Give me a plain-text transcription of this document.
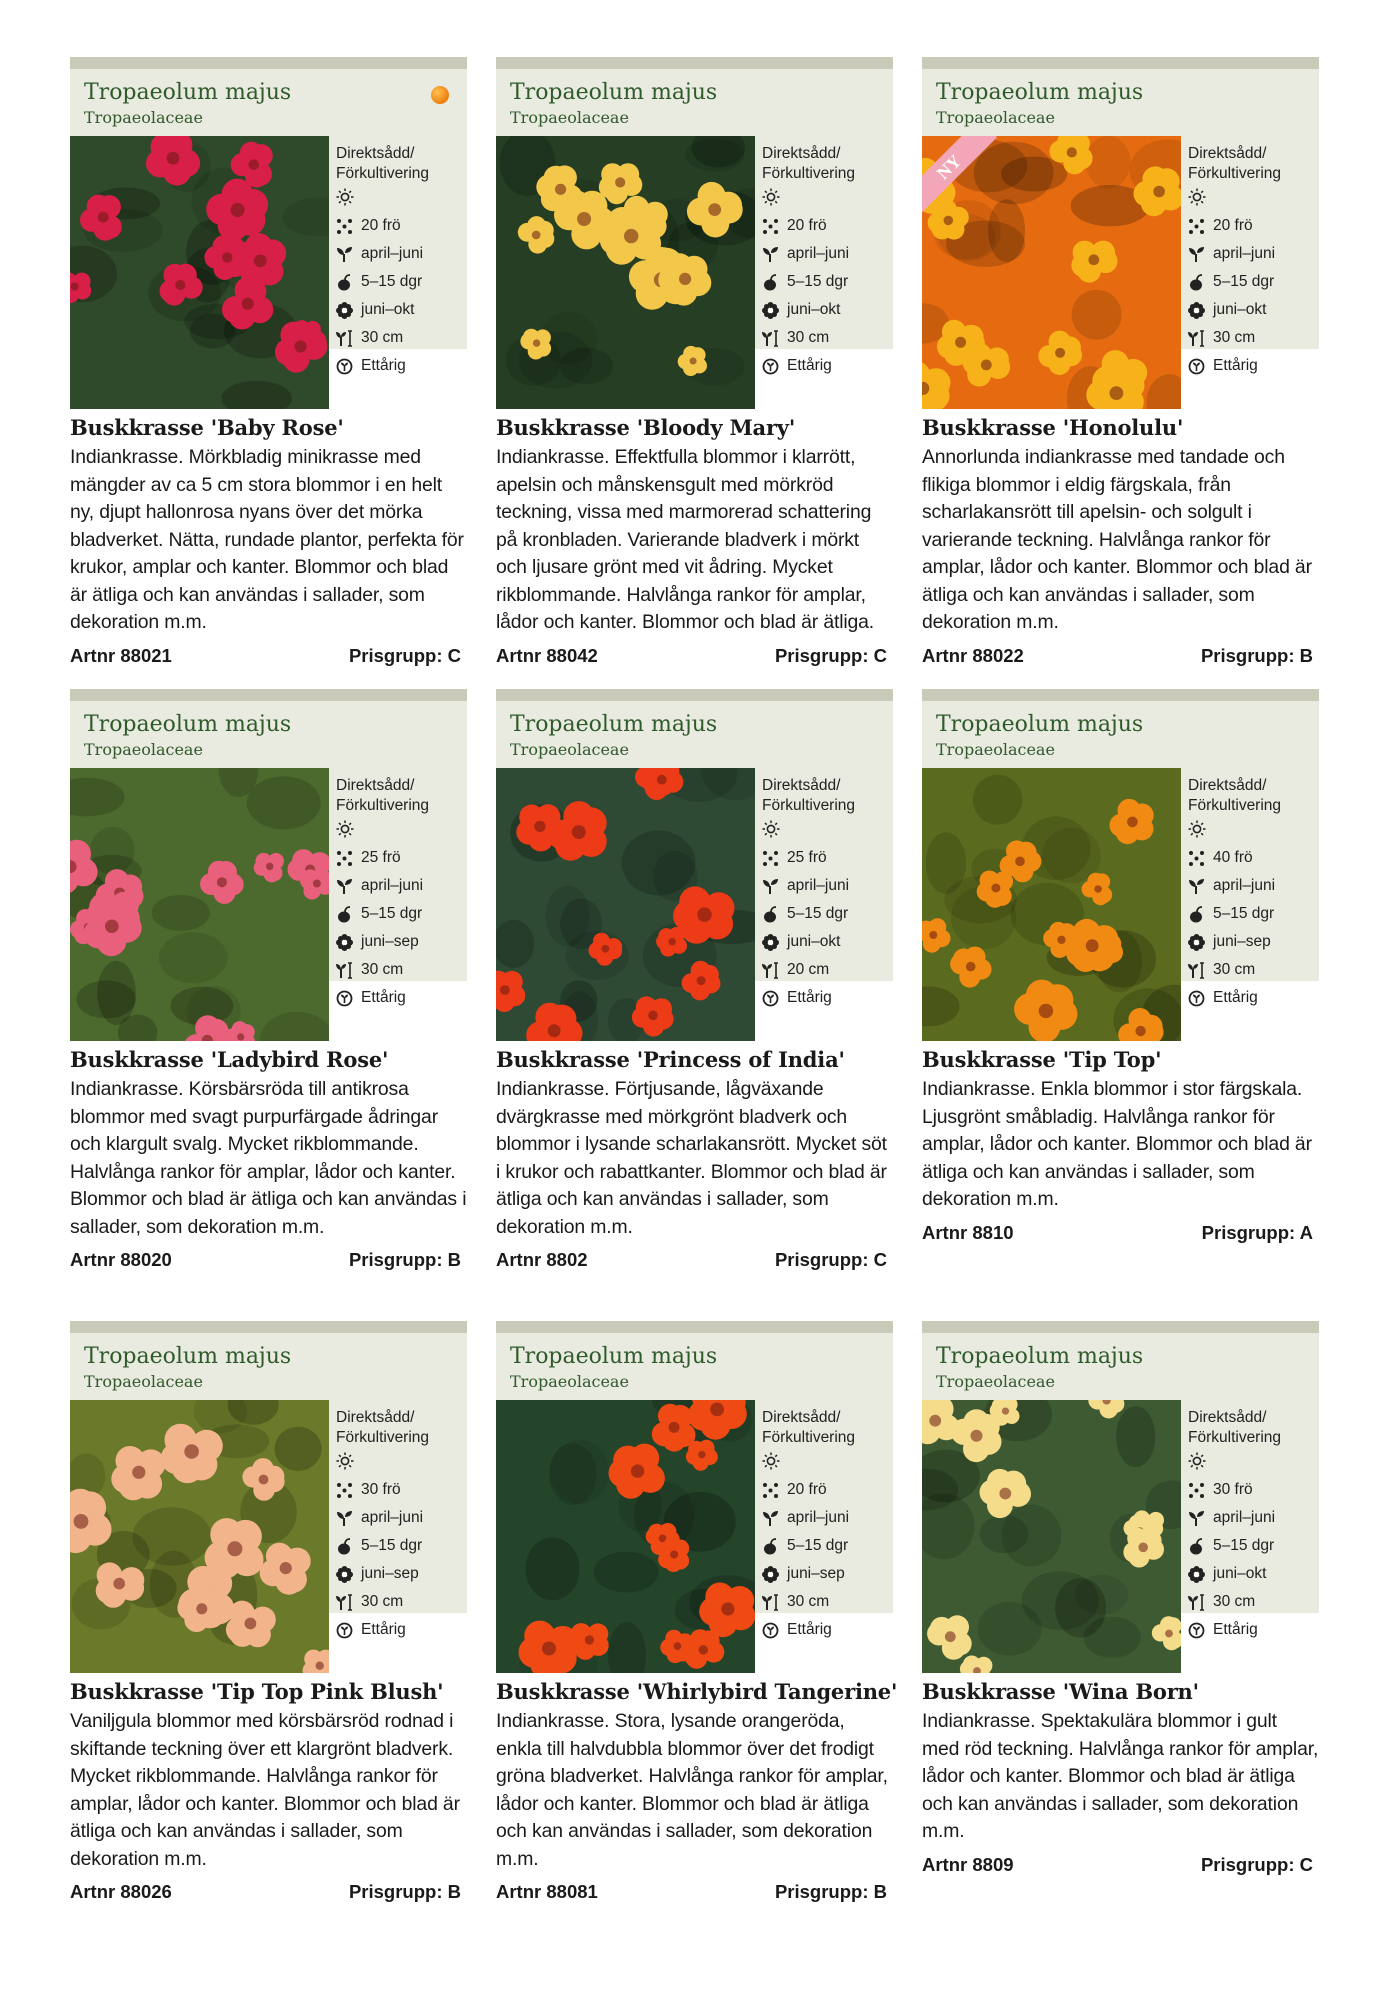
Tropaeolum majus
Tropaeolaceae
Direktsådd/
Förkultivering
20 frö
april–juni
5–15 dgr
juni–okt
30 cm
Ettårig
Buskkrasse 'Baby Rose'
Indiankrasse. Mörkbladig minikrasse med mängder av ca 5 cm stora blommor i en helt ny, djupt hallonrosa nyans över det mörka bladverket. Nätta, rundade plantor, perfekta för krukor, amplar och kanter. Blommor och blad är ätliga och kan användas i sallader, som dekoration m.m.
Artnr 88021	Prisgrupp: C
Tropaeolum majus
Tropaeolaceae
Direktsådd/
Förkultivering
20 frö
april–juni
5–15 dgr
juni–okt
30 cm
Ettårig
Buskkrasse 'Bloody Mary'
Indiankrasse. Effektfulla blommor i klarrött, apelsin och månskensgult med mörkröd teckning, vissa med marmorerad schattering på kronbladen. Varierande bladverk i mörkt och ljusare grönt med vit ådring. Mycket rikblommande. Halvlånga rankor för amplar, lådor och kanter. Blommor och blad är ätliga.
Artnr 88042	Prisgrupp: C
Tropaeolum majus
Tropaeolaceae
NY	Direktsådd/
Förkultivering
20 frö
april–juni
5–15 dgr
juni–okt
30 cm
Ettårig
Buskkrasse 'Honolulu'
Annorlunda indiankrasse med tandade och flikiga blommor i eldig färgskala, från scharlakansrött till apelsin- och solgult i varierande teckning. Halvlånga rankor för amplar, lådor och kanter. Blommor och blad är ätliga och kan användas i sallader, som dekoration m.m.
Artnr 88022	Prisgrupp: B
Tropaeolum majus
Tropaeolaceae
Direktsådd/
Förkultivering
25 frö
april–juni
5–15 dgr
juni–sep
30 cm
Ettårig
Buskkrasse 'Ladybird Rose'
Indiankrasse. Körsbärsröda till antikrosa blommor med svagt purpurfärgade ådringar och klargult svalg. Mycket rikblommande. Halvlånga rankor för amplar, lådor och kanter. Blommor och blad är ätliga och kan användas i sallader, som dekoration m.m.
Artnr 88020	Prisgrupp: B
Tropaeolum majus
Tropaeolaceae
Direktsådd/
Förkultivering
25 frö
april–juni
5–15 dgr
juni–okt
20 cm
Ettårig
Buskkrasse 'Princess of India'
Indiankrasse. Förtjusande, lågväxande dvärgkrasse med mörkgrönt bladverk och blommor i lysande scharlakansrött. Mycket söt i krukor och rabattkanter. Blommor och blad är ätliga och kan användas i sallader, som dekoration m.m.
Artnr 8802	Prisgrupp: C
Tropaeolum majus
Tropaeolaceae
Direktsådd/
Förkultivering
40 frö
april–juni
5–15 dgr
juni–sep
30 cm
Ettårig
Buskkrasse 'Tip Top'
Indiankrasse. Enkla blommor i stor färgskala. Ljusgrönt småbladig. Halvlånga rankor för amplar, lådor och kanter. Blommor och blad är ätliga och kan användas i sallader, som dekoration m.m.
Artnr 8810	Prisgrupp: A
Tropaeolum majus
Tropaeolaceae
Direktsådd/
Förkultivering
30 frö
april–juni
5–15 dgr
juni–sep
30 cm
Ettårig
Buskkrasse 'Tip Top Pink Blush'
Vaniljgula blommor med körsbärsröd rodnad i skiftande teckning över ett klargrönt bladverk. Mycket rikblommande. Halvlånga rankor för amplar, lådor och kanter. Blommor och blad är ätliga och kan användas i sallader, som dekoration m.m.
Artnr 88026	Prisgrupp: B
Tropaeolum majus
Tropaeolaceae
Direktsådd/
Förkultivering
20 frö
april–juni
5–15 dgr
juni–sep
30 cm
Ettårig
Buskkrasse 'Whirlybird Tangerine'
Indiankrasse. Stora, lysande orangeröda, enkla till halvdubbla blommor över det frodigt gröna bladverket. Halvlånga rankor för amplar, lådor och kanter. Blommor och blad är ätliga och kan användas i sallader, som dekoration m.m.
Artnr 88081	Prisgrupp: B
Tropaeolum majus
Tropaeolaceae
Direktsådd/
Förkultivering
30 frö
april–juni
5–15 dgr
juni–okt
30 cm
Ettårig
Buskkrasse 'Wina Born'
Indiankrasse. Spektakulära blommor i gult med röd teckning. Halvlånga rankor för amplar, lådor och kanter. Blommor och blad är ätliga och kan användas i sallader, som dekoration m.m.
Artnr 8809	Prisgrupp: C
